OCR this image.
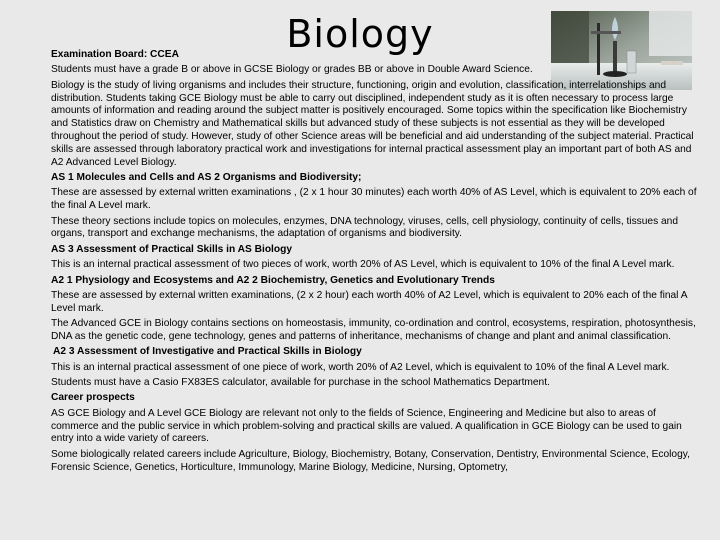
Biology

Examination Board: CCEA

Students must have a grade B or above in GCSE Biology or grades BB or above in Double Award Science.

Biology is the study of living organisms and includes their structure, functioning, origin and evolution, classification, interrelationships and distribution. Students taking GCE Biology must be able to carry out disciplined, independent study as it is often necessary to process large amounts of information and reading around the subject matter is positively encouraged. Some topics within the specification like Biochemistry and Statistics draw on Chemistry and Mathematical skills but advanced study of these subjects is not essential as they will be developed throughout the period of study. However, study of other Science areas will be beneficial and aid understanding of the subject material. Practical skills are assessed through laboratory practical work and investigations for internal practical assessment play an important part of both AS and A2 Advanced Level Biology.

AS 1 Molecules and Cells and AS 2 Organisms and Biodiversity;

These are assessed by external written examinations , (2 x 1 hour 30 minutes) each worth 40% of AS Level, which is equivalent to 20% each of the final A Level mark.

These theory sections include topics on molecules, enzymes, DNA technology, viruses, cells, cell physiology, continuity of cells, tissues and organs, transport and exchange mechanisms, the adaptation of organisms and biodiversity.

AS 3 Assessment of Practical Skills in AS Biology

This is an internal practical assessment of two pieces of work, worth 20% of AS Level, which is equivalent to 10% of the final A Level mark.

A2 1 Physiology and Ecosystems and A2 2 Biochemistry, Genetics and Evolutionary Trends

These are assessed by external written examinations, (2 x 2 hour) each worth 40% of A2 Level, which is equivalent to 20% each of the final A Level mark.

The Advanced GCE in Biology contains sections on homeostasis, immunity, co-ordination and control, ecosystems, respiration, photosynthesis, DNA as the genetic code, gene technology, genes and patterns of inheritance, mechanisms of change and plant and animal classification.

A2 3 Assessment of Investigative and Practical Skills in Biology

This is an internal practical assessment of one piece of work, worth 20% of A2 Level, which is equivalent to 10% of the final A Level mark.

Students must have a Casio FX83ES calculator, available for purchase in the school Mathematics Department.

Career prospects

AS GCE Biology and A Level GCE Biology are relevant not only to the fields of Science, Engineering and Medicine but also to areas of commerce and the public service in which problem-solving and practical skills are valued. A qualification in GCE Biology can be used to gain entry into a wide variety of careers.

Some biologically related careers include Agriculture, Biology, Biochemistry, Botany, Conservation, Dentistry, Environmental Science, Ecology, Forensic Science, Genetics, Horticulture, Immunology, Marine Biology, Medicine, Nursing, Optometry,
